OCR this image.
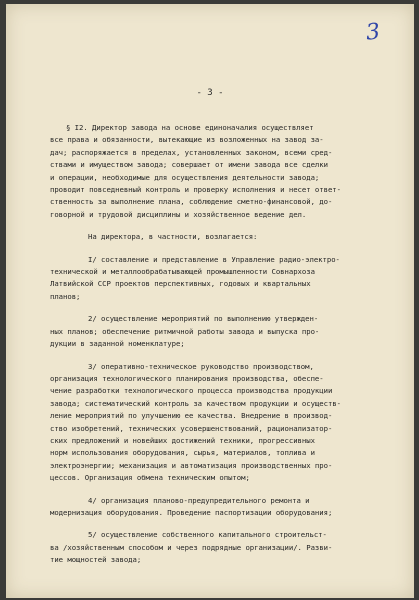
3
- 3 -

§ I2. Директор завода на основе единоначалия осуществляет
все права и обязанности, вытекающие из возложенных на завод за-
дач; распоряжается в пределах, установленных законом, всеми сред-
ствами и имуществом завода; совершает от имени завода все сделки
и операции, необходимые для осуществления деятельности завода;
проводит повседневный контроль и проверку исполнения и несет ответ-
ственность за выполнение плана, соблюдение сметно-финансовой, до-
говорной и трудовой дисциплины и хозяйственное ведение дел.

На директора, в частности, возлагается:

I/ составление и представление в Управление радио-электро-
технической и металлообрабатывающей промышленности Совнархоза
Латвийской ССР проектов перспективных, годовых и квартальных
планов;

2/ осуществление мероприятий по выполнению утвержден-
ных планов; обеспечение ритмичной работы завода и выпуска про-
дукции в заданной номенклатуре;

3/ оперативно-техническое руководство производством,
организация технологического планирования производства, обеспе-
чение разработки технологического процесса производства продукции
завода; систематический контроль за качеством продукции и осуществ-
ление мероприятий по улучшению ее качества. Внедрение в производ-
ство изобретений, технических усовершенствований, рационализатор-
ских предложений и новейших достижений техники, прогрессивных
норм использования оборудования, сырья, материалов, топлива и
электроэнергии; механизация и автоматизация производственных про-
цессов. Организация обмена техническим опытом;

4/ организация планово-предупредительного ремонта и
модернизация оборудования. Проведение паспортизации оборудования;

5/ осуществление собственного капитального строительст-
ва /хозяйственным способом и через подрядные организации/. Разви-
тие мощностей завода;
